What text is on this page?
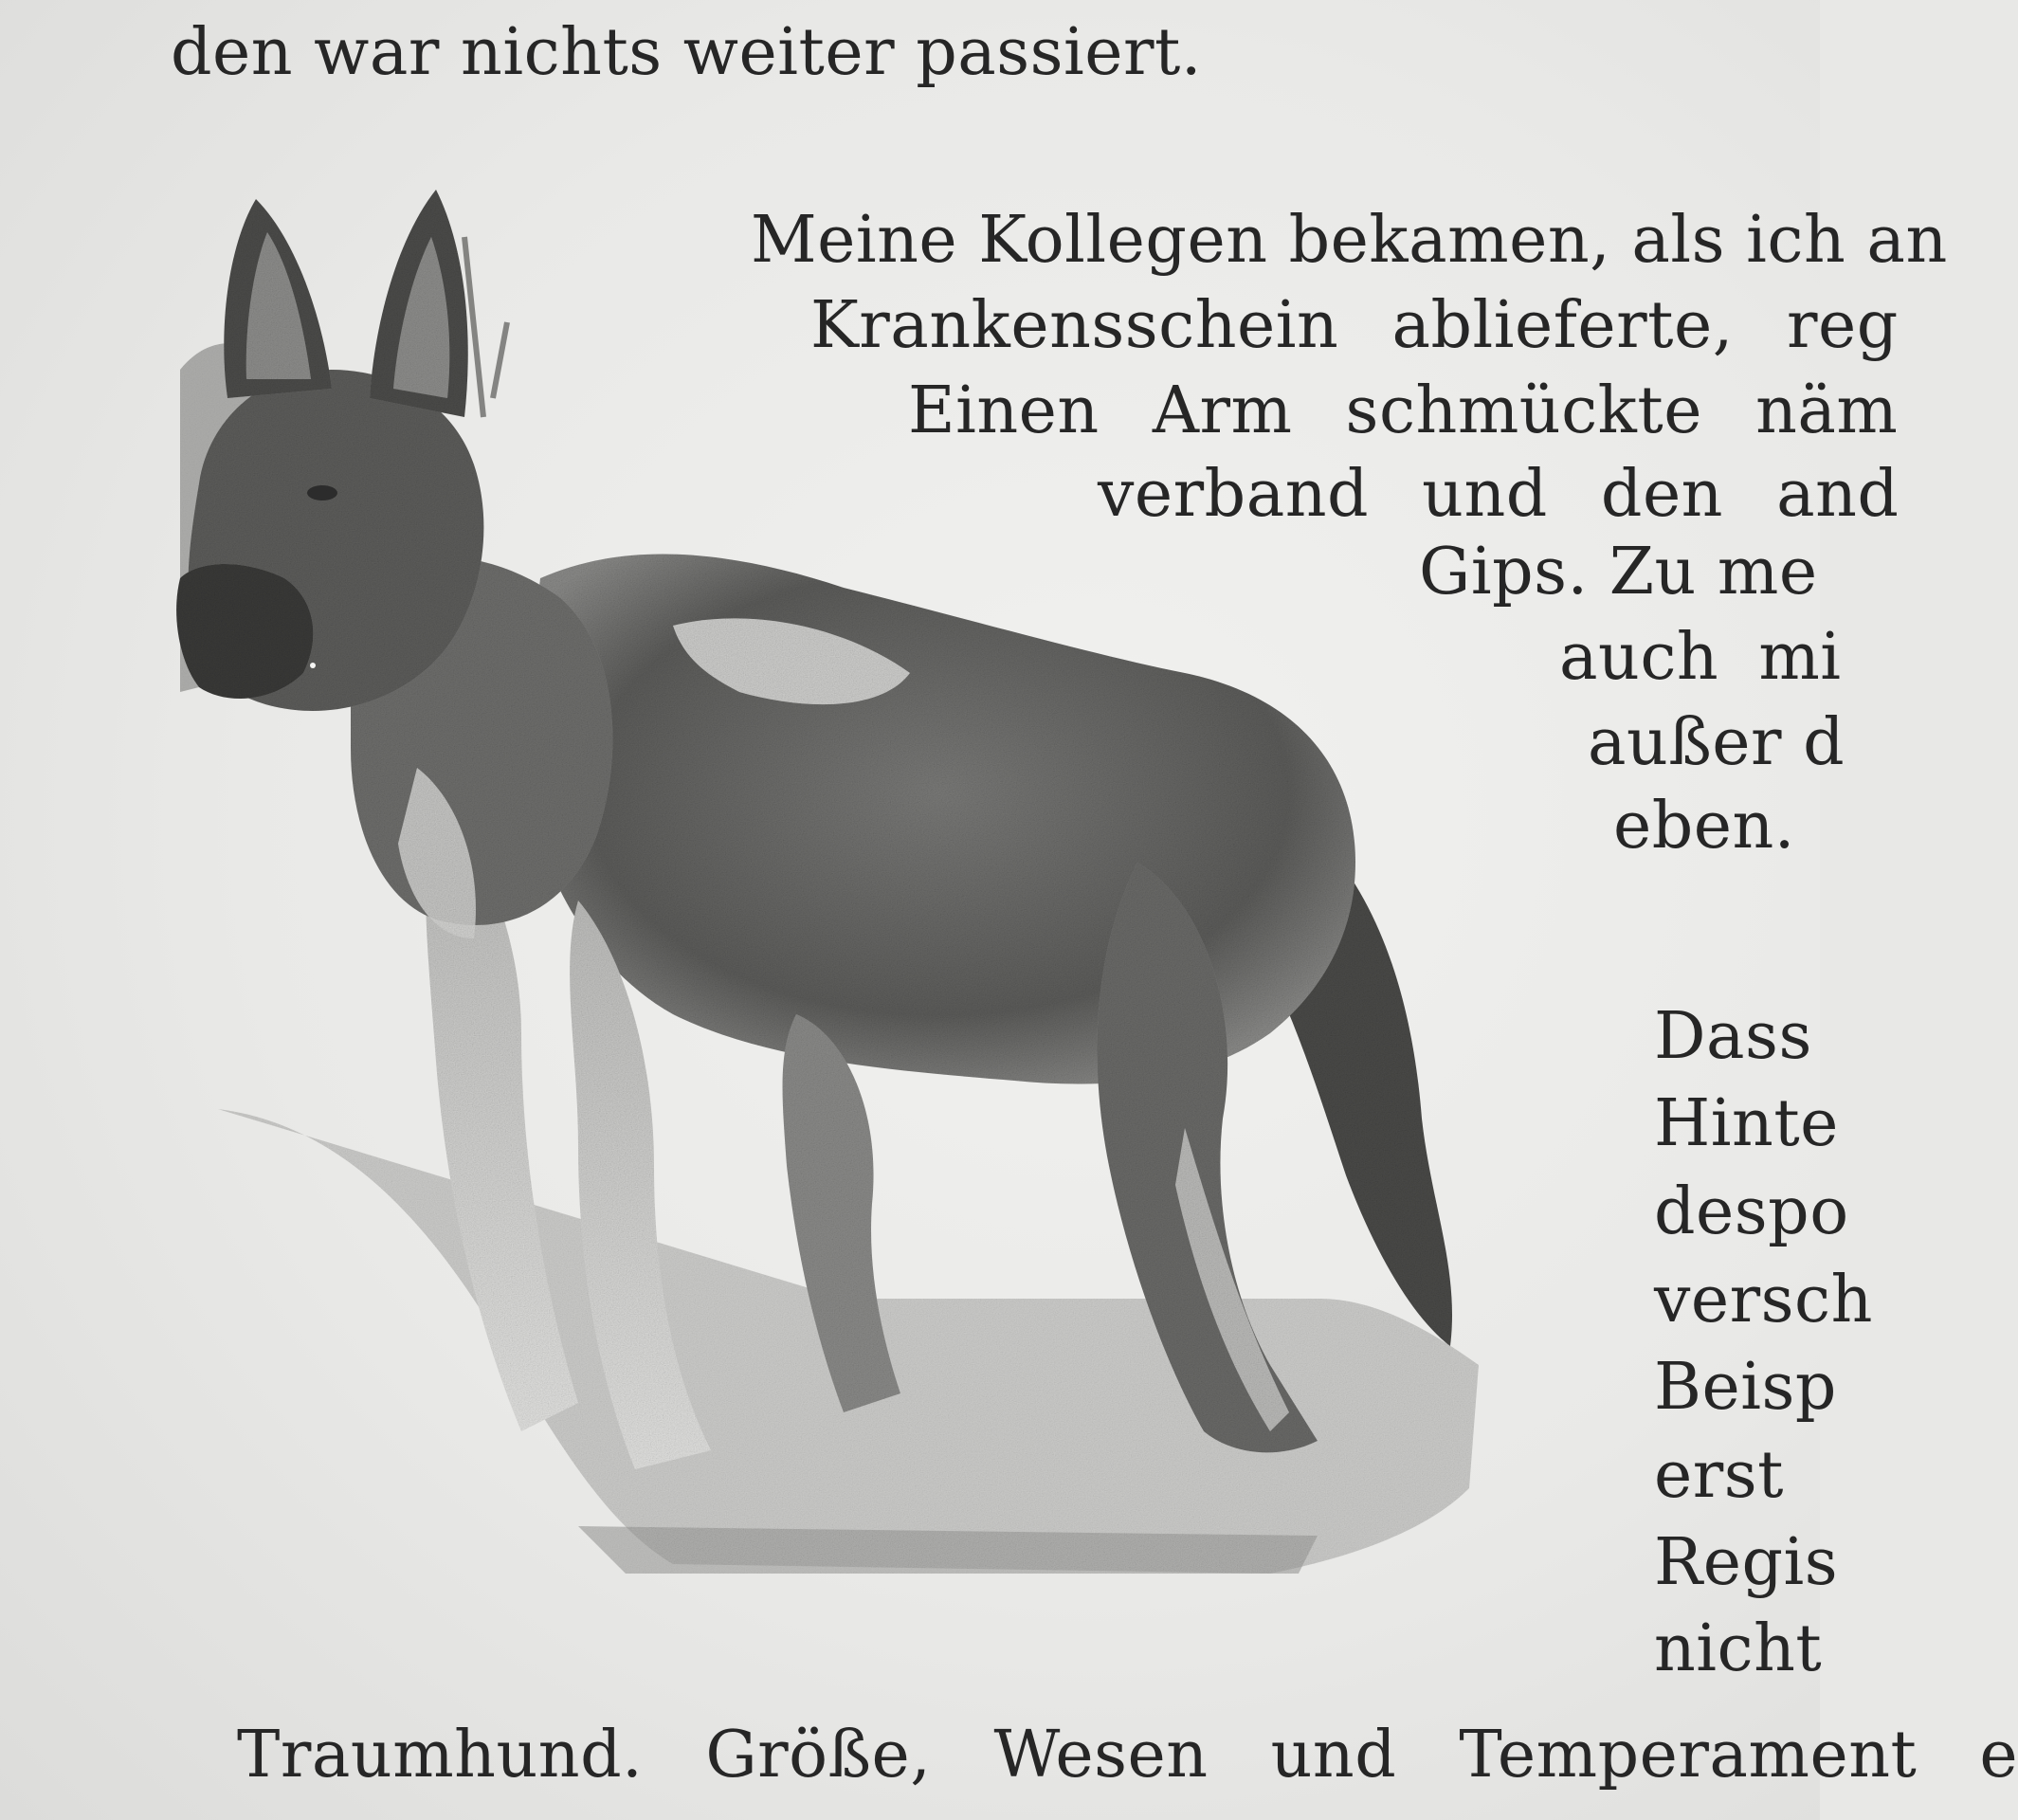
den war nichts weiter passiert.
Meine Kollegen bekamen, als ich an
Krankensschein ablieferte, reg
Einen Arm schmückte näm
verband und den and
Gips. Zu me
auch mi
außer d
eben.
Dass
Hinte
despo
versch
Beisp
erst
Regis
nicht
Traumhund. Größe, Wesen und Temperament e
